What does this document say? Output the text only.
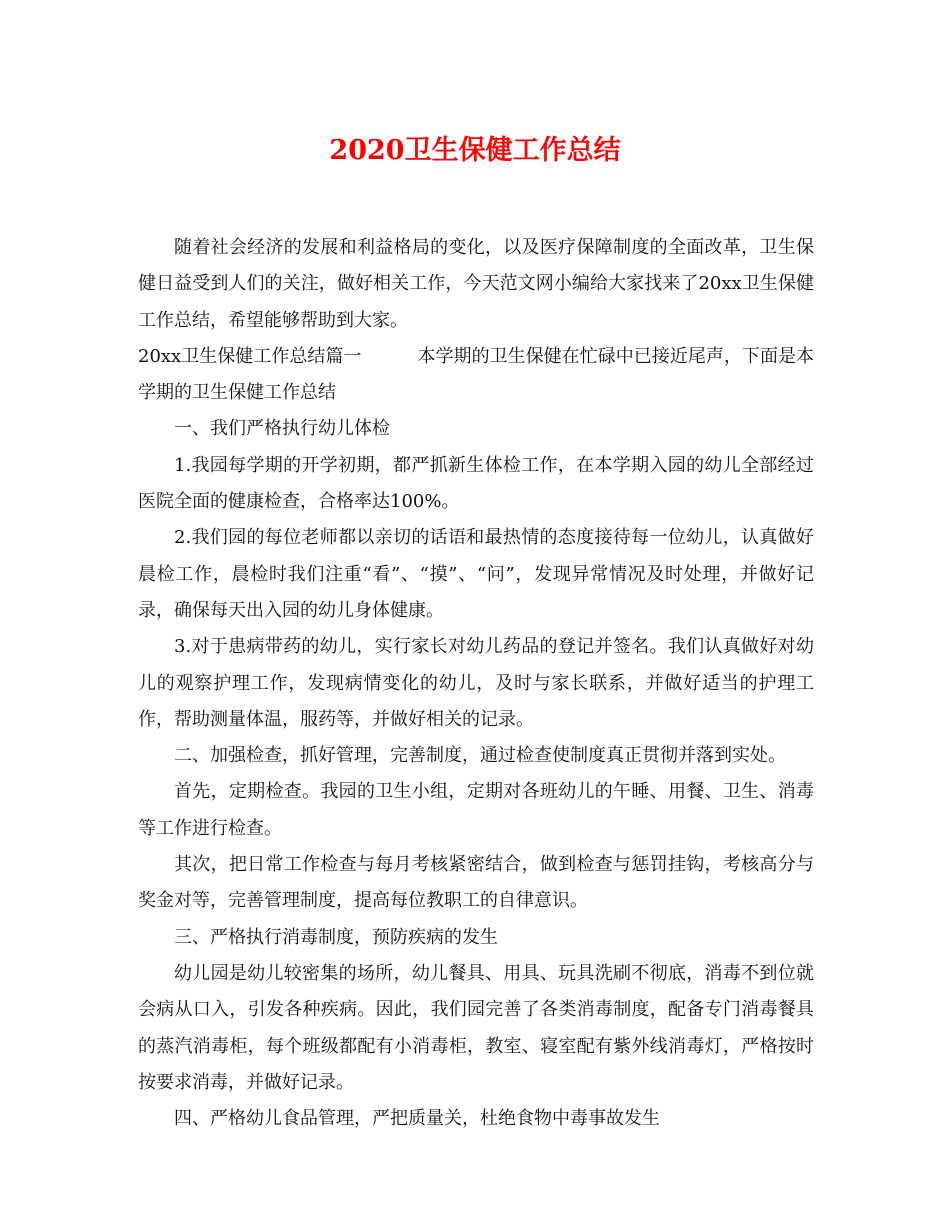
2020卫生保健工作总结

随着社会经济的发展和利益格局的变化，以及医疗保障制度的全面改革，卫生保健日益受到人们的关注，做好相关工作，今天范文网小编给大家找来了20xx卫生保健工作总结，希望能够帮助到大家。

20xx卫生保健工作总结篇一	本学期的卫生保健在忙碌中已接近尾声，下面是本学期的卫生保健工作总结

一、我们严格执行幼儿体检

1.我园每学期的开学初期，都严抓新生体检工作，在本学期入园的幼儿全部经过医院全面的健康检查，合格率达100%。

2.我们园的每位老师都以亲切的话语和最热情的态度接待每一位幼儿，认真做好晨检工作，晨检时我们注重“看”、“摸”、“问”，发现异常情况及时处理，并做好记录，确保每天出入园的幼儿身体健康。

3.对于患病带药的幼儿，实行家长对幼儿药品的登记并签名。我们认真做好对幼儿的观察护理工作，发现病情变化的幼儿，及时与家长联系，并做好适当的护理工作，帮助测量体温，服药等，并做好相关的记录。

二、加强检查，抓好管理，完善制度，通过检查使制度真正贯彻并落到实处。

首先，定期检查。我园的卫生小组，定期对各班幼儿的午睡、用餐、卫生、消毒等工作进行检查。

其次，把日常工作检查与每月考核紧密结合，做到检查与惩罚挂钩，考核高分与奖金对等，完善管理制度，提高每位教职工的自律意识。

三、严格执行消毒制度，预防疾病的发生

幼儿园是幼儿较密集的场所，幼儿餐具、用具、玩具洗刷不彻底，消毒不到位就会病从口入，引发各种疾病。因此，我们园完善了各类消毒制度，配备专门消毒餐具的蒸汽消毒柜，每个班级都配有小消毒柜，教室、寝室配有紫外线消毒灯，严格按时按要求消毒，并做好记录。

四、严格幼儿食品管理，严把质量关，杜绝食物中毒事故发生
